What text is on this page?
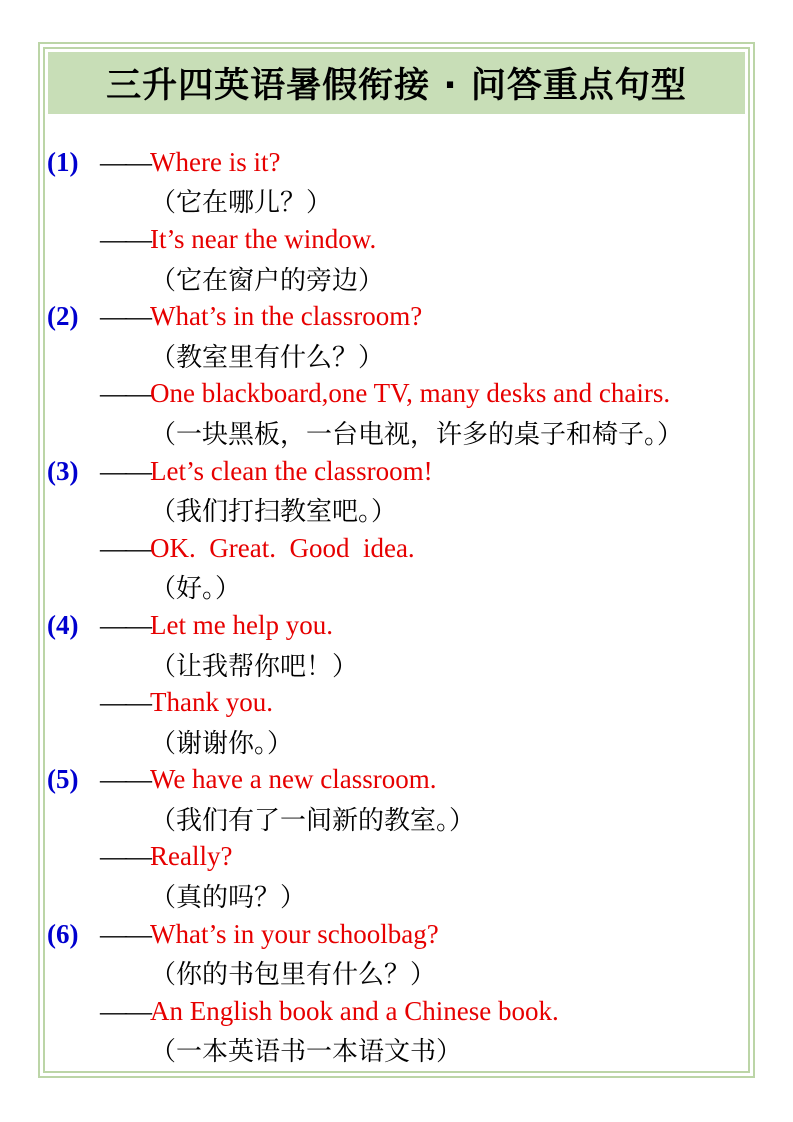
三升四英语暑假衔接 · 问答重点句型
(1) —— Where is it?
（它在哪儿？）
—— It’s near the window.
（它在窗户的旁边）
(2) —— What’s in the classroom?
（教室里有什么？）
—— One blackboard,one TV, many desks and chairs.
（一块黑板，一台电视，许多的桌子和椅子。）
(3) —— Let’s clean the classroom!
（我们打扫教室吧。）
—— OK.  Great.  Good  idea.
（好。）
(4) —— Let me help you.
（让我帮你吧！）
—— Thank you.
（谢谢你。）
(5) —— We have a new classroom.
（我们有了一间新的教室。）
—— Really?
（真的吗？）
(6) —— What’s in your schoolbag?
（你的书包里有什么？）
—— An English book and a Chinese book.
（一本英语书一本语文书）
